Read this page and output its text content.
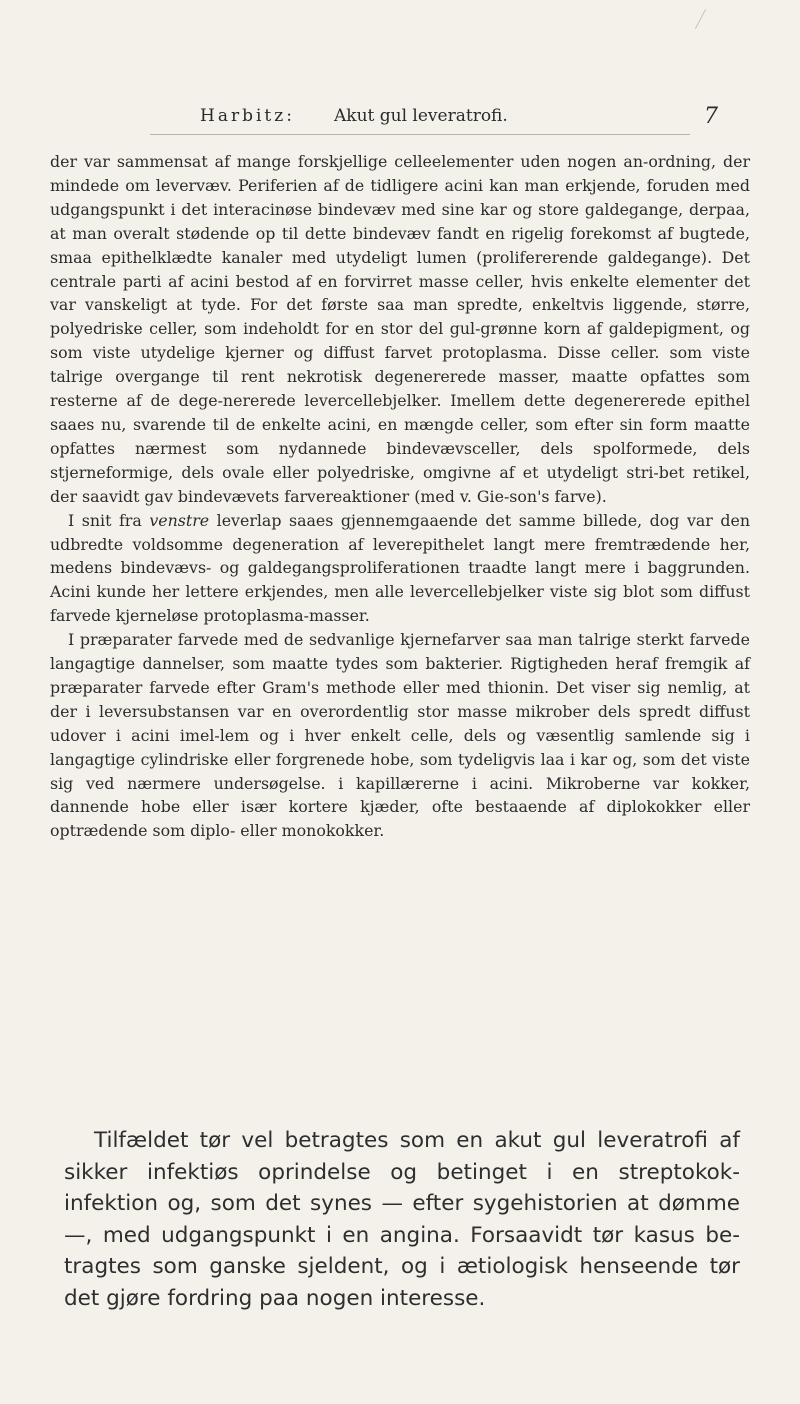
Harbitz: Akut gul leveratrofi.	7

der var sammensat af mange forskjellige celleelementer uden nogen an-ordning, der mindede om levervæv. Periferien af de tidligere acini kan man erkjende, foruden med udgangspunkt i det interacinøse bindevæv med sine kar og store galdegange, derpaa, at man overalt stødende op til dette bindevæv fandt en rigelig forekomst af bugtede, smaa epithelklædte kanaler med utydeligt lumen (prolifererende galdegange). Det centrale parti af acini bestod af en forvirret masse celler, hvis enkelte elementer det var vanskeligt at tyde. For det første saa man spredte, enkeltvis liggende, større, polyedriske celler, som indeholdt for en stor del gul-grønne korn af galdepigment, og som viste utydelige kjerner og diffust farvet protoplasma. Disse celler. som viste talrige overgange til rent nekrotisk degenererede masser, maatte opfattes som resterne af de dege-nererede levercellebjelker. Imellem dette degenererede epithel saaes nu, svarende til de enkelte acini, en mængde celler, som efter sin form maatte opfattes nærmest som nydannede bindevævsceller, dels spolformede, dels stjerneformige, dels ovale eller polyedriske, omgivne af et utydeligt stri-bet retikel, der saavidt gav bindevævets farvereaktioner (med v. Gie-son's farve).

I snit fra venstre leverlap saaes gjennemgaaende det samme billede, dog var den udbredte voldsomme degeneration af leverepithelet langt mere fremtrædende her, medens bindevævs- og galdegangsproliferationen traadte langt mere i baggrunden. Acini kunde her lettere erkjendes, men alle levercellebjelker viste sig blot som diffust farvede kjerneløse protoplasma-masser.

I præparater farvede med de sedvanlige kjernefarver saa man talrige sterkt farvede langagtige dannelser, som maatte tydes som bakterier. Rigtigheden heraf fremgik af præparater farvede efter Gram's methode eller med thionin. Det viser sig nemlig, at der i leversubstansen var en overordentlig stor masse mikrober dels spredt diffust udover i acini imel-lem og i hver enkelt celle, dels og væsentlig samlende sig i langagtige cylindriske eller forgrenede hobe, som tydeligvis laa i kar og, som det viste sig ved nærmere undersøgelse. i kapillærerne i acini. Mikroberne var kokker, dannende hobe eller især kortere kjæder, ofte bestaaende af diplokokker eller optrædende som diplo- eller monokokker.

Tilfældet tør vel betragtes som en akut gul leveratrofi af sikker infektiøs oprindelse og betinget i en streptokok-infektion og, som det synes — efter sygehistorien at dømme —, med udgangspunkt i en angina. Forsaavidt tør kasus be-tragtes som ganske sjeldent, og i ætiologisk henseende tør det gjøre fordring paa nogen interesse.
